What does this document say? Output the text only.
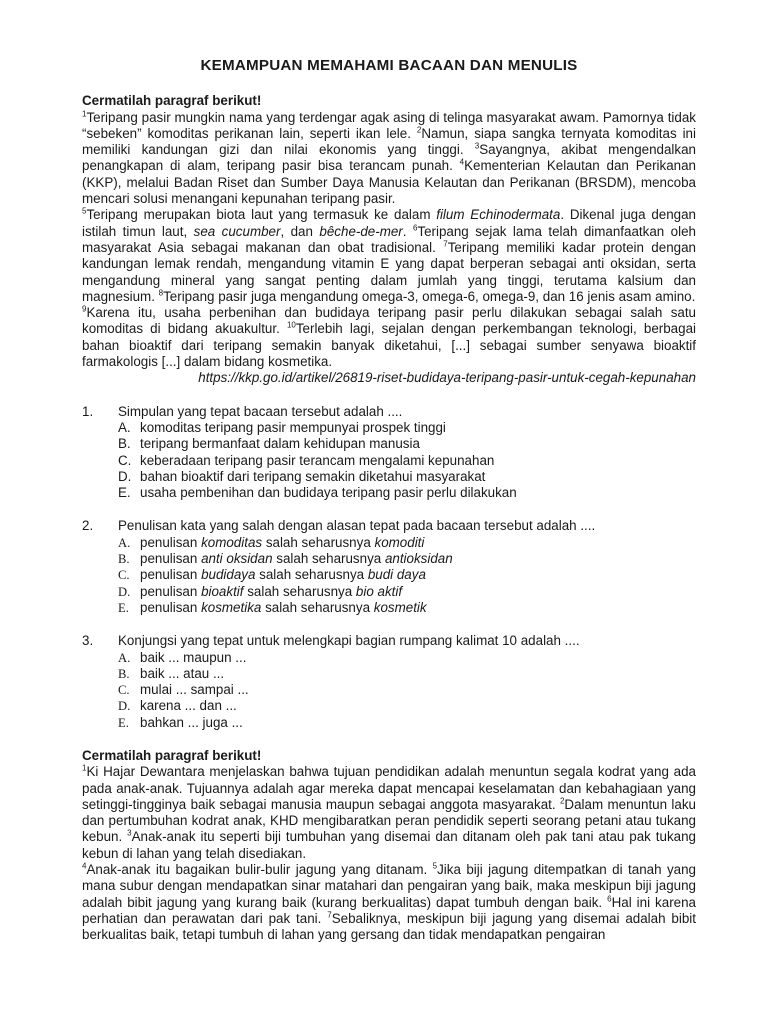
KEMAMPUAN MEMAHAMI BACAAN DAN MENULIS

Cermatilah paragraf berikut!

$^1$Teripang pasir mungkin nama yang terdengar agak asing di telinga masyarakat awam. Pamornya tidak “sebeken” komoditas perikanan lain, seperti ikan lele. $^2$Namun, siapa sangka ternyata komoditas ini memiliki kandungan gizi dan nilai ekonomis yang tinggi. $^3$Sayangnya, akibat mengendalkan penangkapan di alam, teripang pasir bisa terancam punah. $^4$Kementerian Kelautan dan Perikanan (KKP), melalui Badan Riset dan Sumber Daya Manusia Kelautan dan Perikanan (BRSDM), mencoba mencari solusi menangani kepunahan teripang pasir.

$^5$Teripang merupakan biota laut yang termasuk ke dalam filum Echinodermata. Dikenal juga dengan istilah timun laut, sea cucumber, dan bêche-de-mer. $^6$Teripang sejak lama telah dimanfaatkan oleh masyarakat Asia sebagai makanan dan obat tradisional. $^7$Teripang memiliki kadar protein dengan kandungan lemak rendah, mengandung vitamin E yang dapat berperan sebagai anti oksidan, serta mengandung mineral yang sangat penting dalam jumlah yang tinggi, terutama kalsium dan magnesium. $^8$Teripang pasir juga mengandung omega-3, omega-6, omega-9, dan 16 jenis asam amino.

$^9$Karena itu, usaha perbenihan dan budidaya teripang pasir perlu dilakukan sebagai salah satu komoditas di bidang akuakultur. $^{10}$Terlebih lagi, sejalan dengan perkembangan teknologi, berbagai bahan bioaktif dari teripang semakin banyak diketahui, [...] sebagai sumber senyawa bioaktif farmakologis [...] dalam bidang kosmetika.

https://kkp.go.id/artikel/26819-riset-budidaya-teripang-pasir-untuk-cegah-kepunahan

1.	Simpulan yang tepat bacaan tersebut adalah ....
A. komoditas teripang pasir mempunyai prospek tinggi
B. teripang bermanfaat dalam kehidupan manusia
C. keberadaan teripang pasir terancam mengalami kepunahan
D. bahan bioaktif dari teripang semakin diketahui masyarakat
E. usaha pembenihan dan budidaya teripang pasir perlu dilakukan
2.	Penulisan kata yang salah dengan alasan tepat pada bacaan tersebut adalah ....
A. penulisan komoditas salah seharusnya komoditi
B. penulisan anti oksidan salah seharusnya antioksidan
C. penulisan budidaya salah seharusnya budi daya
D. penulisan bioaktif salah seharusnya bio aktif
E. penulisan kosmetika salah seharusnya kosmetik
3.	Konjungsi yang tepat untuk melengkapi bagian rumpang kalimat 10 adalah ....
A. baik ... maupun ...
B. baik ... atau ...
C. mulai ... sampai ...
D. karena ... dan ...
E. bahkan ... juga ...

Cermatilah paragraf berikut!

$^1$Ki Hajar Dewantara menjelaskan bahwa tujuan pendidikan adalah menuntun segala kodrat yang ada pada anak-anak. Tujuannya adalah agar mereka dapat mencapai keselamatan dan kebahagiaan yang setinggi-tingginya baik sebagai manusia maupun sebagai anggota masyarakat. $^2$Dalam menuntun laku dan pertumbuhan kodrat anak, KHD mengibaratkan peran pendidik seperti seorang petani atau tukang kebun. $^3$Anak-anak itu seperti biji tumbuhan yang disemai dan ditanam oleh pak tani atau pak tukang kebun di lahan yang telah disediakan.

$^4$Anak-anak itu bagaikan bulir-bulir jagung yang ditanam. $^5$Jika biji jagung ditempatkan di tanah yang mana subur dengan mendapatkan sinar matahari dan pengairan yang baik, maka meskipun biji jagung adalah bibit jagung yang kurang baik (kurang berkualitas) dapat tumbuh dengan baik. $^6$Hal ini karena perhatian dan perawatan dari pak tani. $^7$Sebaliknya, meskipun biji jagung yang disemai adalah bibit berkualitas baik, tetapi tumbuh di lahan yang gersang dan tidak mendapatkan pengairan
